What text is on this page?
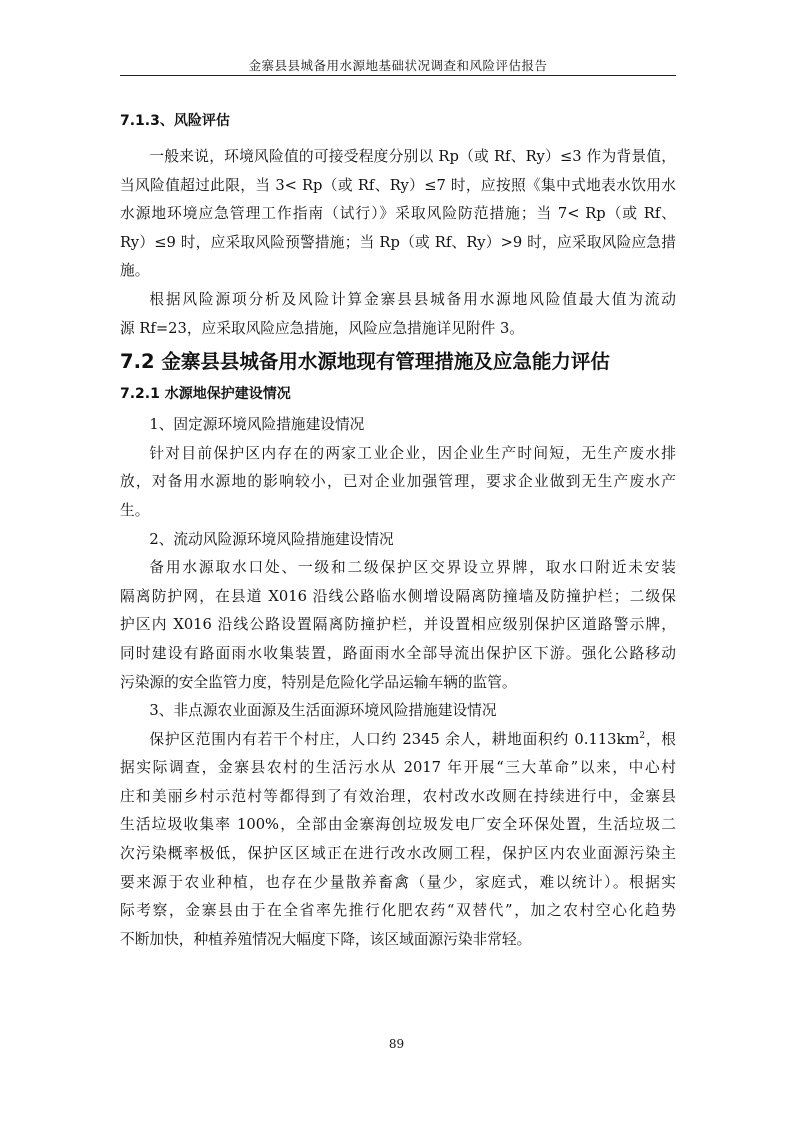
金寨县县城备用水源地基础状况调查和风险评估报告
7.1.3、风险评估
一般来说，环境风险值的可接受程度分别以 Rp（或 Rf、Ry）≤3 作为背景值，
当风险值超过此限，当 3< Rp（或 Rf、Ry）≤7 时，应按照《集中式地表水饮用水
水源地环境应急管理工作指南（试行）》采取风险防范措施；当 7< Rp（或 Rf、
Ry）≤9 时，应采取风险预警措施；当 Rp（或 Rf、Ry）>9 时，应采取风险应急措
施。
根据风险源项分析及风险计算金寨县县城备用水源地风险值最大值为流动
源 Rf=23，应采取风险应急措施，风险应急措施详见附件 3。
7.2 金寨县县城备用水源地现有管理措施及应急能力评估
7.2.1 水源地保护建设情况
1、固定源环境风险措施建设情况
针对目前保护区内存在的两家工业企业，因企业生产时间短，无生产废水排
放，对备用水源地的影响较小，已对企业加强管理，要求企业做到无生产废水产
生。
2、流动风险源环境风险措施建设情况
备用水源取水口处、一级和二级保护区交界设立界牌，取水口附近未安装
隔离防护网，在县道 X016 沿线公路临水侧增设隔离防撞墙及防撞护栏；二级保
护区内 X016 沿线公路设置隔离防撞护栏，并设置相应级别保护区道路警示牌，
同时建设有路面雨水收集装置，路面雨水全部导流出保护区下游。强化公路移动
污染源的安全监管力度，特别是危险化学品运输车辆的监管。
3、非点源农业面源及生活面源环境风险措施建设情况
保护区范围内有若干个村庄，人口约 2345 余人，耕地面积约 $0.113km^2$，根
据实际调查，金寨县农村的生活污水从 2017 年开展“三大革命”以来，中心村
庄和美丽乡村示范村等都得到了有效治理，农村改水改厕在持续进行中，金寨县
生活垃圾收集率 100%，全部由金寨海创垃圾发电厂安全环保处置，生活垃圾二
次污染概率极低，保护区区域正在进行改水改厕工程，保护区内农业面源污染主
要来源于农业种植，也存在少量散养畜禽（量少，家庭式，难以统计）。根据实
际考察，金寨县由于在全省率先推行化肥农药“双替代”，加之农村空心化趋势
不断加快，种植养殖情况大幅度下降，该区域面源污染非常轻。
89
